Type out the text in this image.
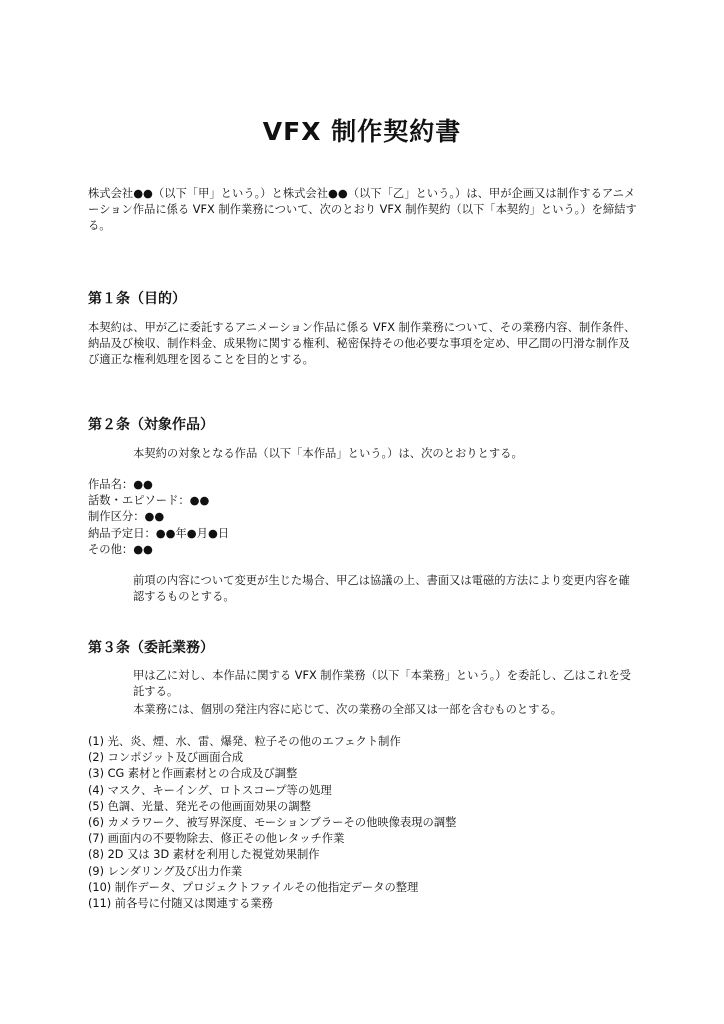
VFX 制作契約書

株式会社●●（以下「甲」という。）と株式会社●●（以下「乙」という。）は、甲が企画又は制作するアニメーション作品に係る VFX 制作業務について、次のとおり VFX 制作契約（以下「本契約」という。）を締結する。

第１条（目的）

本契約は、甲が乙に委託するアニメーション作品に係る VFX 制作業務について、その業務内容、制作条件、納品及び検収、制作料金、成果物に関する権利、秘密保持その他必要な事項を定め、甲乙間の円滑な制作及び適正な権利処理を図ることを目的とする。

第２条（対象作品）

本契約の対象となる作品（以下「本作品」という。）は、次のとおりとする。

作品名：●●
話数・エピソード：●●
制作区分：●●
納品予定日：●●年●月●日
その他：●●

前項の内容について変更が生じた場合、甲乙は協議の上、書面又は電磁的方法により変更内容を確認するものとする。

第３条（委託業務）

甲は乙に対し、本作品に関する VFX 制作業務（以下「本業務」という。）を委託し、乙はこれを受託する。

本業務には、個別の発注内容に応じて、次の業務の全部又は一部を含むものとする。

(1) 光、炎、煙、水、雷、爆発、粒子その他のエフェクト制作
(2) コンポジット及び画面合成
(3) CG 素材と作画素材との合成及び調整
(4) マスク、キーイング、ロトスコープ等の処理
(5) 色調、光量、発光その他画面効果の調整
(6) カメラワーク、被写界深度、モーションブラーその他映像表現の調整
(7) 画面内の不要物除去、修正その他レタッチ作業
(8) 2D 又は 3D 素材を利用した視覚効果制作
(9) レンダリング及び出力作業
(10) 制作データ、プロジェクトファイルその他指定データの整理
(11) 前各号に付随又は関連する業務
